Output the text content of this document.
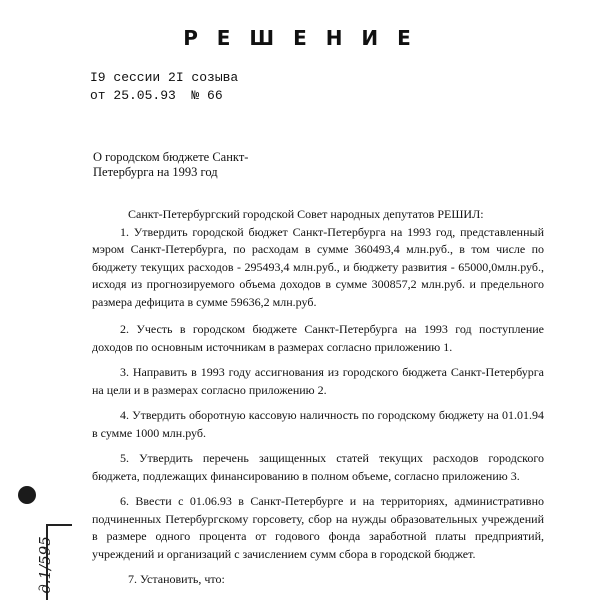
Р Е Ш Е Н И Е
I9 сессии 2I созыва
от 25.05.93  № 66
О городском бюджете Санкт-
Петербурга на 1993 год

Санкт-Петербургский городской Совет народных депутатов РЕШИЛ:

1. Утвердить городской бюджет Санкт-Петербурга на 1993 год, представленный мэром Санкт-Петербурга, по расходам в сумме 360493,4 млн.руб., в том числе по бюджету текущих расходов - 295493,4 млн.руб., и бюджету развития - 65000,0млн.руб., исходя из прогнозируемого объема доходов в сумме 300857,2 млн.руб. и предельного размера дефицита в сумме 59636,2 млн.руб.

2. Учесть в городском бюджете Санкт-Петербурга на 1993 год поступление доходов по основным источникам в размерах согласно приложению 1.

3. Направить в 1993 году ассигнования из городского бюджета Санкт-Петербурга на цели и в размерах согласно приложению 2.

4. Утвердить оборотную кассовую наличность по городскому бюджету на 01.01.94 в сумме 1000 млн.руб.

5. Утвердить перечень защищенных статей текущих расходов городского бюджета, подлежащих финансированию в полном объеме, согласно приложению 3.

6. Ввести с 01.06.93 в Санкт-Петербурге и на территориях, административно подчиненных Петербургскому горсовету, сбор на нужды образовательных учреждений в размере одного процента от годового фонда заработной платы предприятий, учреждений и организаций с зачислением сумм сбора в городской бюджет.

7. Установить, что:

д.1/595
